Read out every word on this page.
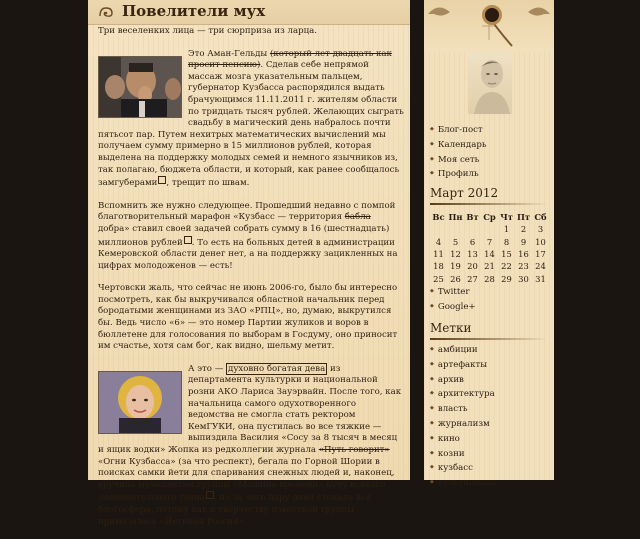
Повелители мух

Три веселенких лица — три сюрприза из ларца.

Это Аман-Гельды (который лет двадцать как просит пенсию). Сделав себе непрямой массаж мозга указательным пальцем, губернатор Кузбасса распорядился выдать брачующимся 11.11.2011 г. жителям области по тридцать тысяч рублей. Желающих сыграть свадьбу в магический день набралось почти пятьсот пар. Путем нехитрых математических вычислений мы получаем сумму примерно в 15 миллионов рублей, которая выделена на поддержку молодых семей и немного язычников из, так полагаю, бюджета области, и который, как ранее сообщалось замгуберами , трещит по швам.

Вспомнить же нужно следующее. Прошедший недавно с помпой благотворительный марафон «Кузбасс — территория бабла добра» ставил своей задачей собрать сумму в 16 (шестнадцать) миллионов рублей . То есть на больных детей в администрации Кемеровской области денег нет, а на поддержку зацикленных на цифрах молодоженов — есть!

Чертовски жаль, что сейчас не июнь 2006-го, было бы интересно посмотреть, как бы выкручивался областной начальник перед бородатыми женщинами из ЗАО «РПЦ», но, думаю, выкрутился бы. Ведь число «6» — это номер Партии жуликов и воров в бюллетене для голосования по выборам в Госдуму, оно приносит им счастье, хотя сам бог, как видно, шельму метит.

А это — духовно богатая дева из департамента культурки и национальной розни АКО Лариса Зауэрвайн. После того, как начальница самого одухотворенного ведомства не смогла стать ректором КемГУКИ, она пустилась во все тяжкие — выпиздила Василия «Сосу за 8 тысяч в месяц и ящик водки» Жопка из редколлегии журнала «Путь говорит» «Огни Кузбасса» (за что респект), бегала по Горной Шории в поисках самки йети для спаривания снежных людей и, наконец, вручила музыкантам группы «Машина времени» кучу всякого знаменательного говна , из-за чего пару дней стонала вся блогосфера, потому как к творчеству известной группы примазалась «Йетиная Россия».

◆ Блог-пост
◆ Календарь
◆ Моя сеть
◆ Профиль
Март 2012
Вс	Пн	Вт	Ср	Чт	Пт	Сб
				1	2	3
4	5	6	7	8	9	10
11	12	13	14	15	16	17
18	19	20	21	22	23	24
25	26	27	28	29	30	31
◆ Twitter
◆ Google+
Метки
◆ амбиции
◆ артефакты
◆ архив
◆ архитектура
◆ власть
◆ журнализм
◆ кино
◆ козни
◆ кузбасс
◆ культпоходы
